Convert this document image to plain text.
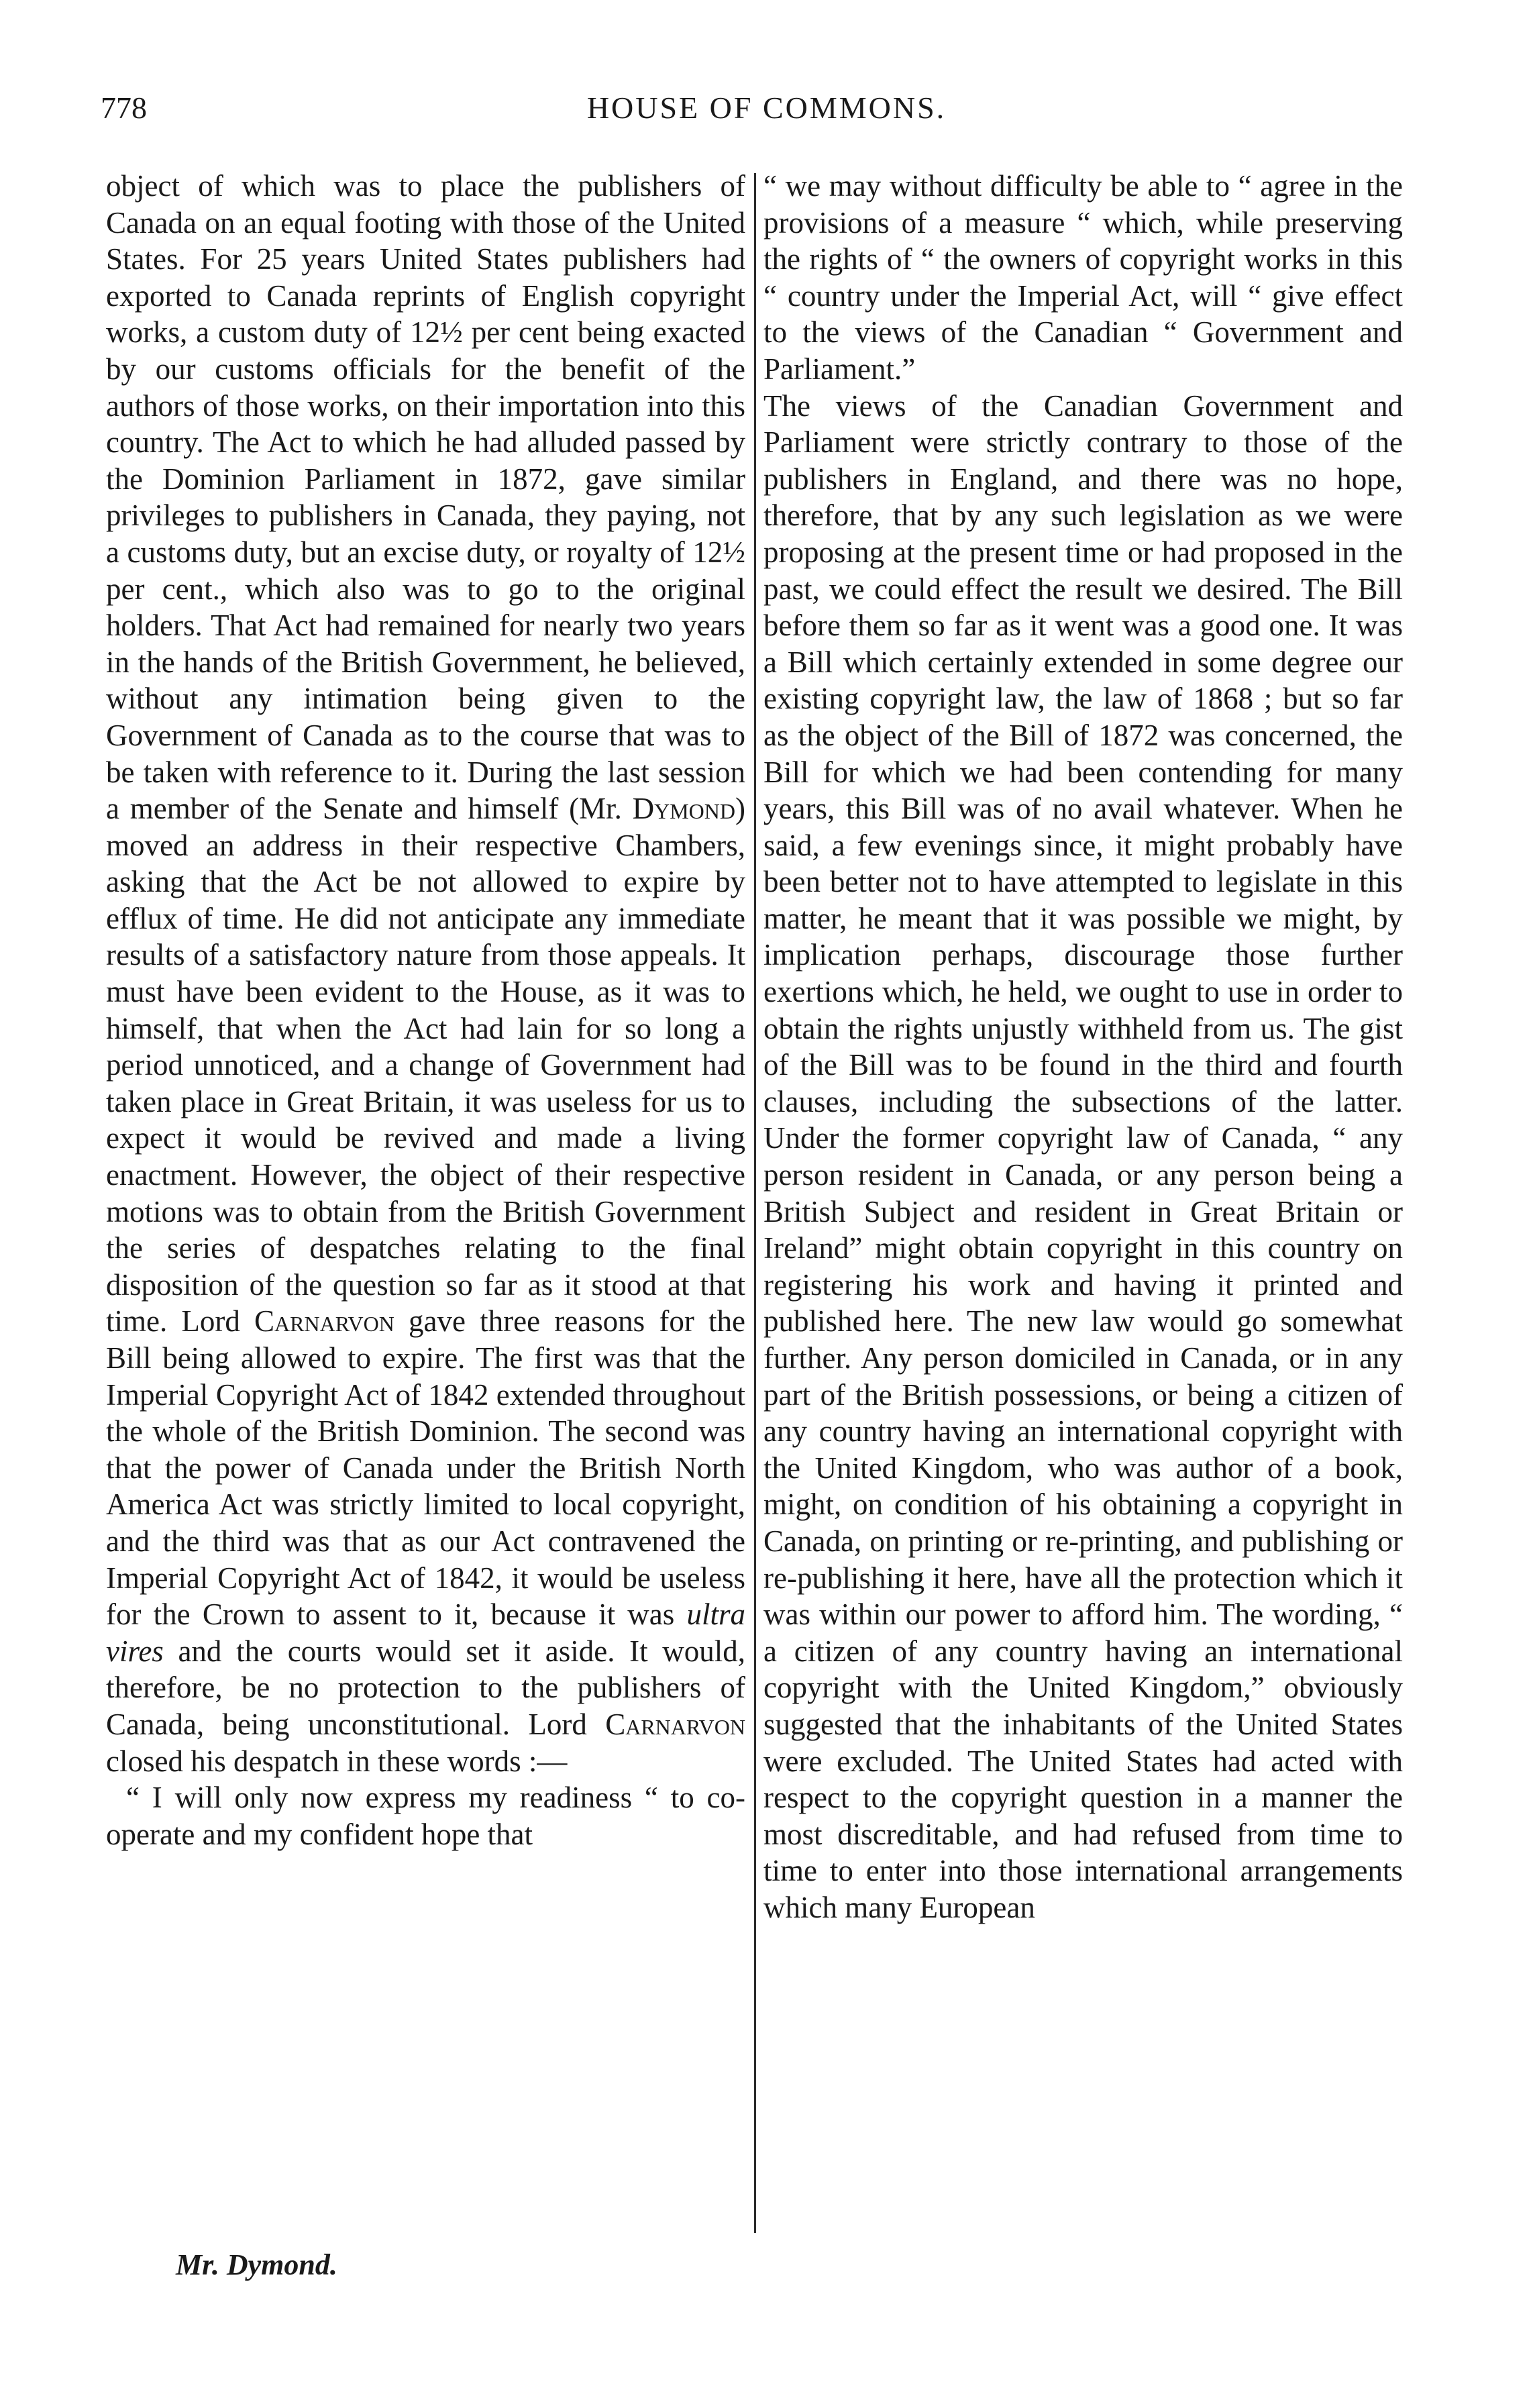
778	HOUSE OF COMMONS.

object of which was to place the publishers of Canada on an equal footing with those of the United States. For 25 years United States publishers had exported to Canada reprints of English copyright works, a custom duty of 12½ per cent being exacted by our customs officials for the benefit of the authors of those works, on their importation into this country. The Act to which he had alluded passed by the Dominion Parliament in 1872, gave similar privileges to publishers in Canada, they paying, not a customs duty, but an excise duty, or royalty of 12½ per cent., which also was to go to the original holders. That Act had remained for nearly two years in the hands of the British Government, he believed, without any intimation being given to the Government of Canada as to the course that was to be taken with reference to it. During the last session a member of the Senate and himself (Mr. Dymond) moved an address in their respective Chambers, asking that the Act be not allowed to expire by efflux of time. He did not anticipate any immediate results of a satisfactory nature from those appeals. It must have been evident to the House, as it was to himself, that when the Act had lain for so long a period unnoticed, and a change of Government had taken place in Great Britain, it was useless for us to expect it would be revived and made a living enactment. However, the object of their respective motions was to obtain from the British Government the series of despatches relating to the final disposition of the question so far as it stood at that time. Lord Carnarvon gave three reasons for the Bill being allowed to expire. The first was that the Imperial Copyright Act of 1842 extended throughout the whole of the British Dominion. The second was that the power of Canada under the British North America Act was strictly limited to local copyright, and the third was that as our Act contravened the Imperial Copyright Act of 1842, it would be useless for the Crown to assent to it, because it was ultra vires and the courts would set it aside. It would, therefore, be no protection to the publishers of Canada, being unconstitutional. Lord Carnarvon closed his despatch in these words :—

“ I will only now express my readiness “ to co-operate and my confident hope that

“ we may without difficulty be able to “ agree in the provisions of a measure “ which, while preserving the rights of “ the owners of copyright works in this “ country under the Imperial Act, will “ give effect to the views of the Canadian “ Government and Parliament.”

The views of the Canadian Government and Parliament were strictly contrary to those of the publishers in England, and there was no hope, therefore, that by any such legislation as we were proposing at the present time or had proposed in the past, we could effect the result we desired. The Bill before them so far as it went was a good one. It was a Bill which certainly extended in some degree our existing copyright law, the law of 1868 ; but so far as the object of the Bill of 1872 was concerned, the Bill for which we had been contending for many years, this Bill was of no avail whatever. When he said, a few evenings since, it might probably have been better not to have attempted to legislate in this matter, he meant that it was possible we might, by implication perhaps, discourage those further exertions which, he held, we ought to use in order to obtain the rights unjustly withheld from us. The gist of the Bill was to be found in the third and fourth clauses, including the subsections of the latter. Under the former copyright law of Canada, “ any person resident in Canada, or any person being a British Subject and resident in Great Britain or Ireland” might obtain copyright in this country on registering his work and having it printed and published here. The new law would go somewhat further. Any person domiciled in Canada, or in any part of the British possessions, or being a citizen of any country having an international copyright with the United Kingdom, who was author of a book, might, on condition of his obtaining a copyright in Canada, on printing or re-printing, and publishing or re-publishing it here, have all the protection which it was within our power to afford him. The wording, “ a citizen of any country having an international copyright with the United Kingdom,” obviously suggested that the inhabitants of the United States were excluded. The United States had acted with respect to the copyright question in a manner the most discreditable, and had refused from time to time to enter into those international arrangements which many European

Mr. Dymond.
